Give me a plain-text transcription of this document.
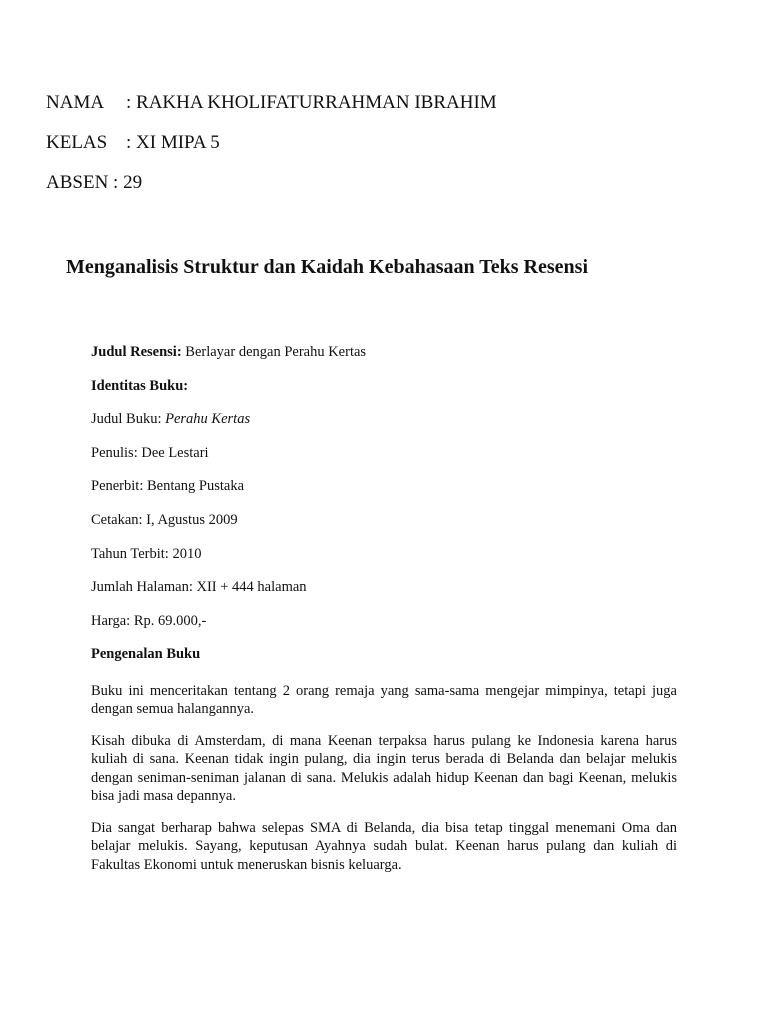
NAMA	: RAKHA KHOLIFATURRAHMAN IBRAHIM
KELAS : XI MIPA 5
ABSEN
: 29
Menganalisis Struktur dan Kaidah Kebahasaan Teks Resensi
Judul Resensi: Berlayar dengan Perahu Kertas
Identitas Buku:
Judul Buku: Perahu Kertas
Penulis: Dee Lestari
Penerbit: Bentang Pustaka
Cetakan: I, Agustus 2009
Tahun Terbit: 2010
Jumlah Halaman: XII + 444 halaman
Harga: Rp. 69.000,-
Pengenalan Buku

Buku ini menceritakan tentang 2 orang remaja yang sama-sama mengejar mimpinya, tetapi juga dengan semua halangannya.

Kisah dibuka di Amsterdam, di mana Keenan terpaksa harus pulang ke Indonesia karena harus kuliah di sana. Keenan tidak ingin pulang, dia ingin terus berada di Belanda dan belajar melukis dengan seniman-seniman jalanan di sana. Melukis adalah hidup Keenan dan bagi Keenan, melukis bisa jadi masa depannya.

Dia sangat berharap bahwa selepas SMA di Belanda, dia bisa tetap tinggal menemani Oma dan belajar melukis. Sayang, keputusan Ayahnya sudah bulat. Keenan harus pulang dan kuliah di Fakultas Ekonomi untuk meneruskan bisnis keluarga.
